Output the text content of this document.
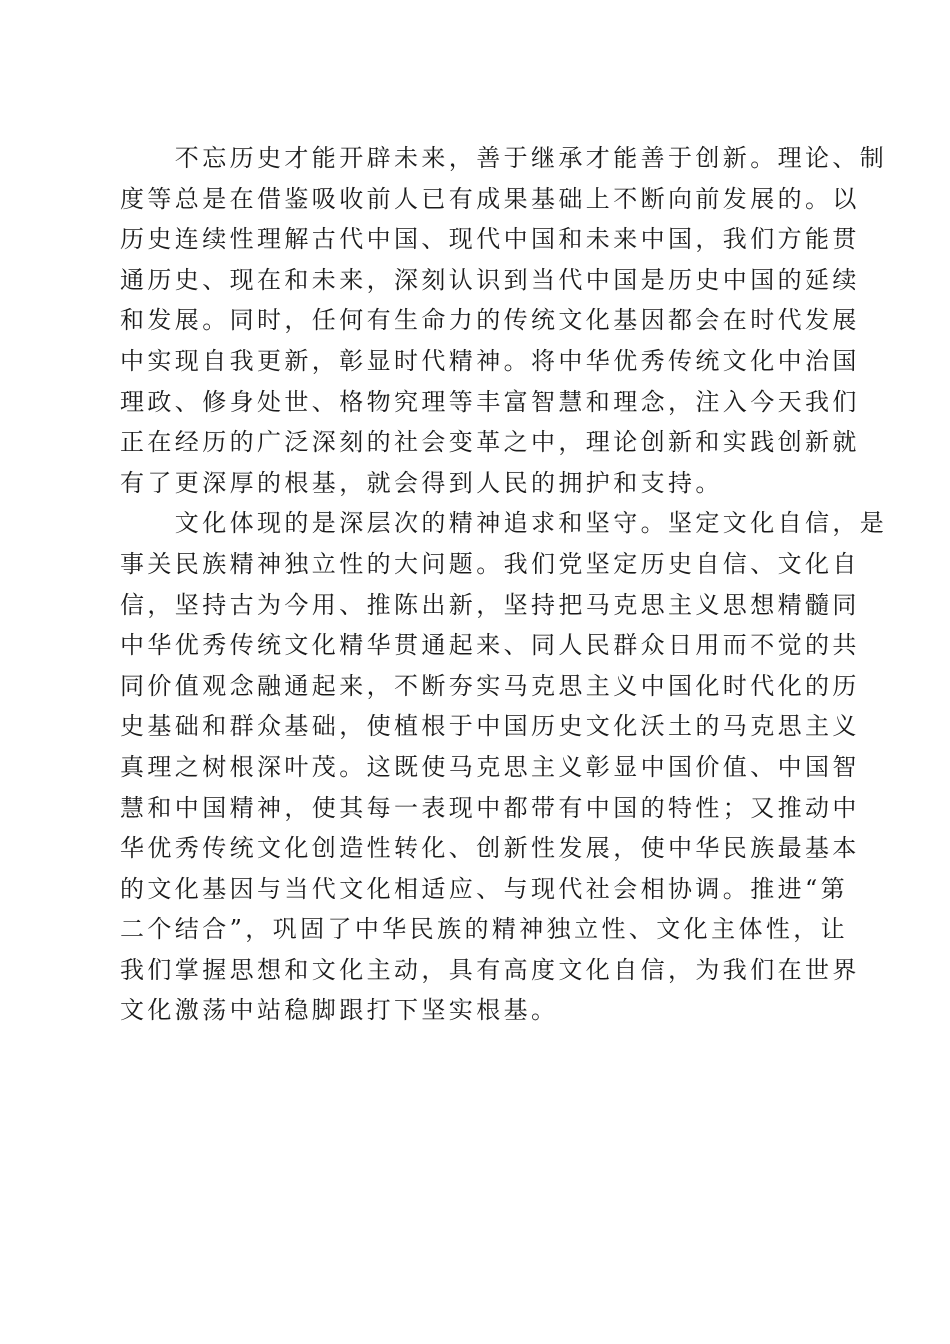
　　不忘历史才能开辟未来，善于继承才能善于创新。理论、制
度等总是在借鉴吸收前人已有成果基础上不断向前发展的。以
历史连续性理解古代中国、现代中国和未来中国，我们方能贯
通历史、现在和未来，深刻认识到当代中国是历史中国的延续
和发展。同时，任何有生命力的传统文化基因都会在时代发展
中实现自我更新，彰显时代精神。将中华优秀传统文化中治国
理政、修身处世、格物究理等丰富智慧和理念，注入今天我们
正在经历的广泛深刻的社会变革之中，理论创新和实践创新就
有了更深厚的根基，就会得到人民的拥护和支持。
　　文化体现的是深层次的精神追求和坚守。坚定文化自信，是
事关民族精神独立性的大问题。我们党坚定历史自信、文化自
信，坚持古为今用、推陈出新，坚持把马克思主义思想精髓同
中华优秀传统文化精华贯通起来、同人民群众日用而不觉的共
同价值观念融通起来，不断夯实马克思主义中国化时代化的历
史基础和群众基础，使植根于中国历史文化沃土的马克思主义
真理之树根深叶茂。这既使马克思主义彰显中国价值、中国智
慧和中国精神，使其每一表现中都带有中国的特性；又推动中
华优秀传统文化创造性转化、创新性发展，使中华民族最基本
的文化基因与当代文化相适应、与现代社会相协调。推进“第
二个结合”，巩固了中华民族的精神独立性、文化主体性，让
我们掌握思想和文化主动，具有高度文化自信，为我们在世界
文化激荡中站稳脚跟打下坚实根基。
